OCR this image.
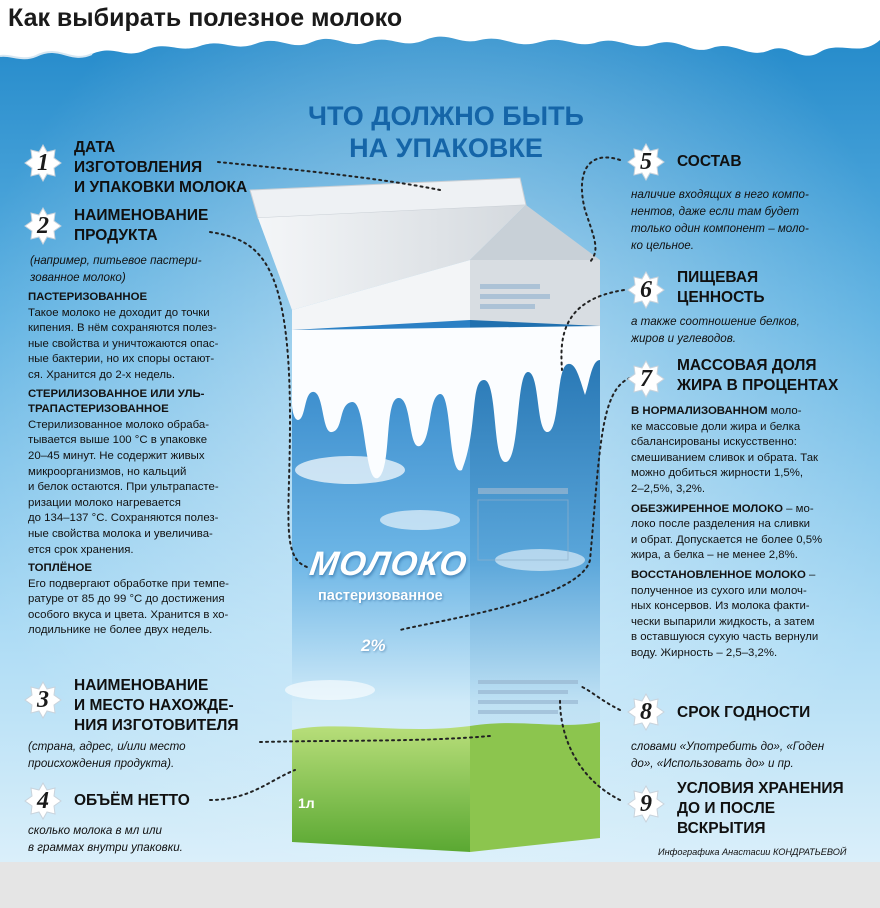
Как выбирать полезное молоко
ЧТО ДОЛЖНО БЫТЬ
НА УПАКОВКЕ
МОЛОКО
пастеризованное
2%
1л
1
ДАТА
ИЗГОТОВЛЕНИЯ
И УПАКОВКИ МОЛОКА
2	НАИМЕНОВАНИЕ
ПРОДУКТА
(например, питьевое пастери-
зованное молоко)
ПАСТЕРИЗОВАННОЕ
Такое молоко не доходит до точки
кипения. В нём сохраняются полез-
ные свойства и уничтожаются опас-
ные бактерии, но их споры остают-
ся. Хранится до 2-х недель.
СТЕРИЛИЗОВАННОЕ ИЛИ УЛЬ-
ТРАПАСТЕРИЗОВАННОЕ
Стерилизованное молоко обраба-
тывается выше 100 °C в упаковке
20–45 минут. Не содержит живых
микроорганизмов, но кальций
и белок остаются. При ультрапасте-
ризации молоко нагревается
до 134–137 °C. Сохраняются полез-
ные свойства молока и увеличива-
ется срок хранения.
ТОПЛЁНОЕ
Его подвергают обработке при темпе-
ратуре от 85 до 99 °C до достижения
особого вкуса и цвета. Хранится в хо-
лодильнике не более двух недель.
3
НАИМЕНОВАНИЕ
И МЕСТО НАХОЖДЕ-
НИЯ ИЗГОТОВИТЕЛЯ
(страна, адрес, и/или место
происхождения продукта).
4	ОБЪЁМ НЕТТО
сколько молока в мл или
в граммах внутри упаковки.
5	СОСТАВ
наличие входящих в него компо-
нентов, даже если там будет
только один компонент – моло-
ко цельное.
6	ПИЩЕВАЯ
ЦЕННОСТЬ
а также соотношение белков,
жиров и углеводов.
7
МАССОВАЯ ДОЛЯ
ЖИРА В ПРОЦЕНТАХ
В НОРМАЛИЗОВАННОМ моло-
ке массовые доли жира и белка
сбалансированы искусственно:
смешиванием сливок и обрата. Так
можно добиться жирности 1,5%,
2–2,5%, 3,2%.
ОБЕЗЖИРЕННОЕ МОЛОКО – мо-
локо после разделения на сливки
и обрат. Допускается не более 0,5%
жира, а белка – не менее 2,8%.
ВОССТАНОВЛЕННОЕ МОЛОКО –
полученное из сухого или молоч-
ных консервов. Из молока факти-
чески выпарили жидкость, а затем
в оставшуюся сухую часть вернули
воду. Жирность – 2,5–3,2%.
8	СРОК ГОДНОСТИ
словами «Употребить до», «Годен
до», «Использовать до» и пр.
9
УСЛОВИЯ ХРАНЕНИЯ
ДО И ПОСЛЕ
ВСКРЫТИЯ
Инфографика Анастасии КОНДРАТЬЕВОЙ
